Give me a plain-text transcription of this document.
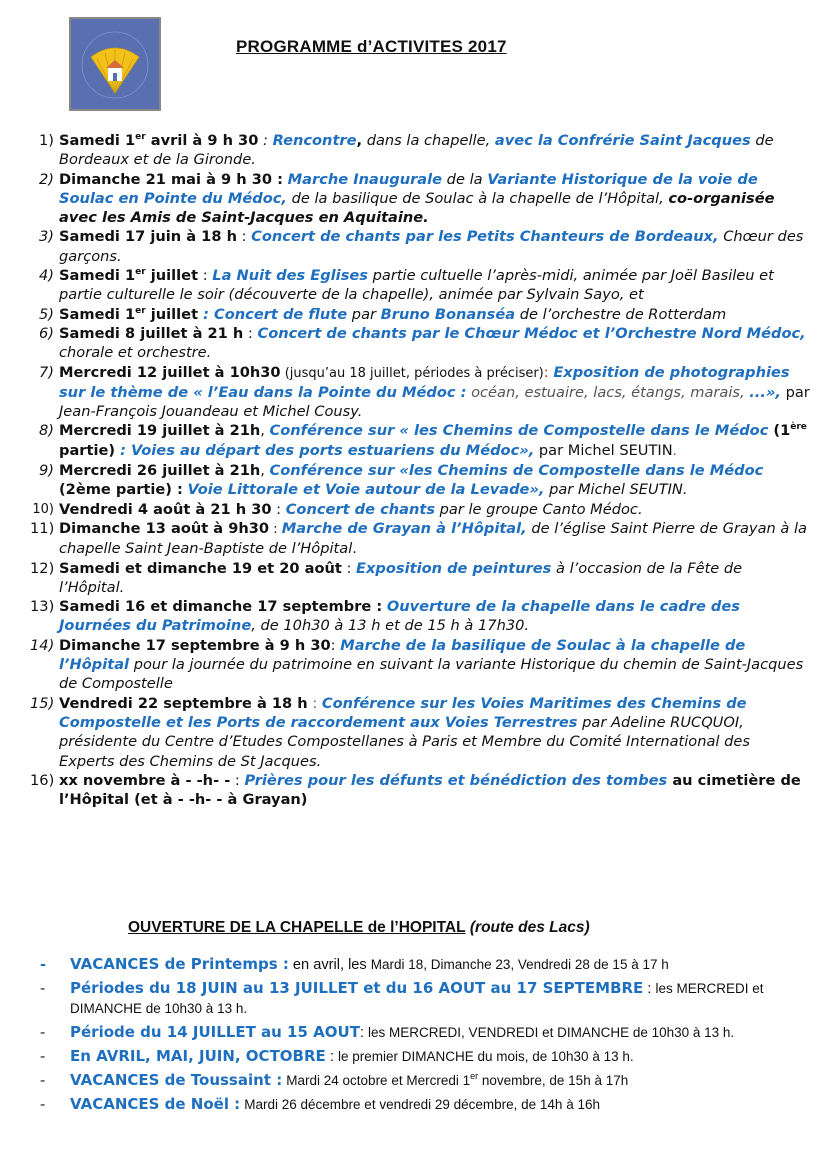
PROGRAMME d’ACTIVITES 2017
1) Samedi 1er avril à 9 h 30 : Rencontre, dans la chapelle, avec la Confrérie Saint Jacques de Bordeaux et de la Gironde.
2) Dimanche 21 mai à 9 h 30 : Marche Inaugurale de la Variante Historique de la voie de Soulac en Pointe du Médoc, de la basilique de Soulac à la chapelle de l’Hôpital, co-organisée avec les Amis de Saint-Jacques en Aquitaine.
3) Samedi 17 juin à 18 h : Concert de chants par les Petits Chanteurs de Bordeaux, Chœur des garçons.
4) Samedi 1er juillet : La Nuit des Eglises partie cultuelle l’après-midi, animée par Joël Basileu et partie culturelle le soir (découverte de la chapelle), animée par Sylvain Sayo, et
5) Samedi 1er juillet : Concert de flute par Bruno Bonanséa de l’orchestre de Rotterdam
6) Samedi 8 juillet à 21 h : Concert de chants par le Chœur Médoc et l’Orchestre Nord Médoc, chorale et orchestre.
7) Mercredi 12 juillet à 10h30 (jusqu’au 18 juillet, périodes à préciser): Exposition de photographies sur le thème de « l’Eau dans la Pointe du Médoc : océan, estuaire, lacs, étangs, marais, ...», par Jean-François Jouandeau et Michel Cousy.
8) Mercredi 19 juillet à 21h, Conférence sur « les Chemins de Compostelle dans le Médoc (1ère partie) : Voies au départ des ports estuariens du Médoc», par Michel SEUTIN.
9) Mercredi 26 juillet à 21h, Conférence sur «les Chemins de Compostelle dans le Médoc (2ème partie) : Voie Littorale et Voie autour de la Levade», par Michel SEUTIN.
10) Vendredi 4 août à 21 h 30 : Concert de chants par le groupe Canto Médoc.
11) Dimanche 13 août à 9h30 : Marche de Grayan à l’Hôpital, de l’église Saint Pierre de Grayan à la chapelle Saint Jean-Baptiste de l’Hôpital.
12) Samedi et dimanche 19 et 20 août : Exposition de peintures à l’occasion de la Fête de l’Hôpital.
13) Samedi 16 et dimanche 17 septembre : Ouverture de la chapelle dans le cadre des Journées du Patrimoine, de 10h30 à 13 h et de 15 h à 17h30.
14) Dimanche 17 septembre à 9 h 30: Marche de la basilique de Soulac à la chapelle de l’Hôpital pour la journée du patrimoine en suivant la variante Historique du chemin de Saint-Jacques de Compostelle
15) Vendredi 22 septembre à 18 h : Conférence sur les Voies Maritimes des Chemins de Compostelle et les Ports de raccordement aux Voies Terrestres par Adeline RUCQUOI, présidente du Centre d’Etudes Compostellanes à Paris et Membre du Comité International des Experts des Chemins de St Jacques.
16) xx novembre à - -h- - : Prières pour les défunts et bénédiction des tombes au cimetière de l’Hôpital (et à - -h- - à Grayan)
OUVERTURE DE LA CHAPELLE de l’HOPITAL (route des Lacs)
-	VACANCES de Printemps : en avril, les Mardi 18, Dimanche 23, Vendredi 28 de 15 à 17 h
-	Périodes du 18 JUIN au 13 JUILLET et du 16 AOUT au 17 SEPTEMBRE : les MERCREDI et DIMANCHE de 10h30 à 13 h.
-	Période du 14 JUILLET au 15 AOUT: les MERCREDI, VENDREDI et DIMANCHE de 10h30 à 13 h.
-	En AVRIL, MAI, JUIN, OCTOBRE : le premier DIMANCHE du mois, de 10h30 à 13 h.
-	VACANCES de Toussaint : Mardi 24 octobre et Mercredi 1er novembre, de 15h à 17h
-	VACANCES de Noël : Mardi 26 décembre et vendredi 29 décembre, de 14h à 16h
